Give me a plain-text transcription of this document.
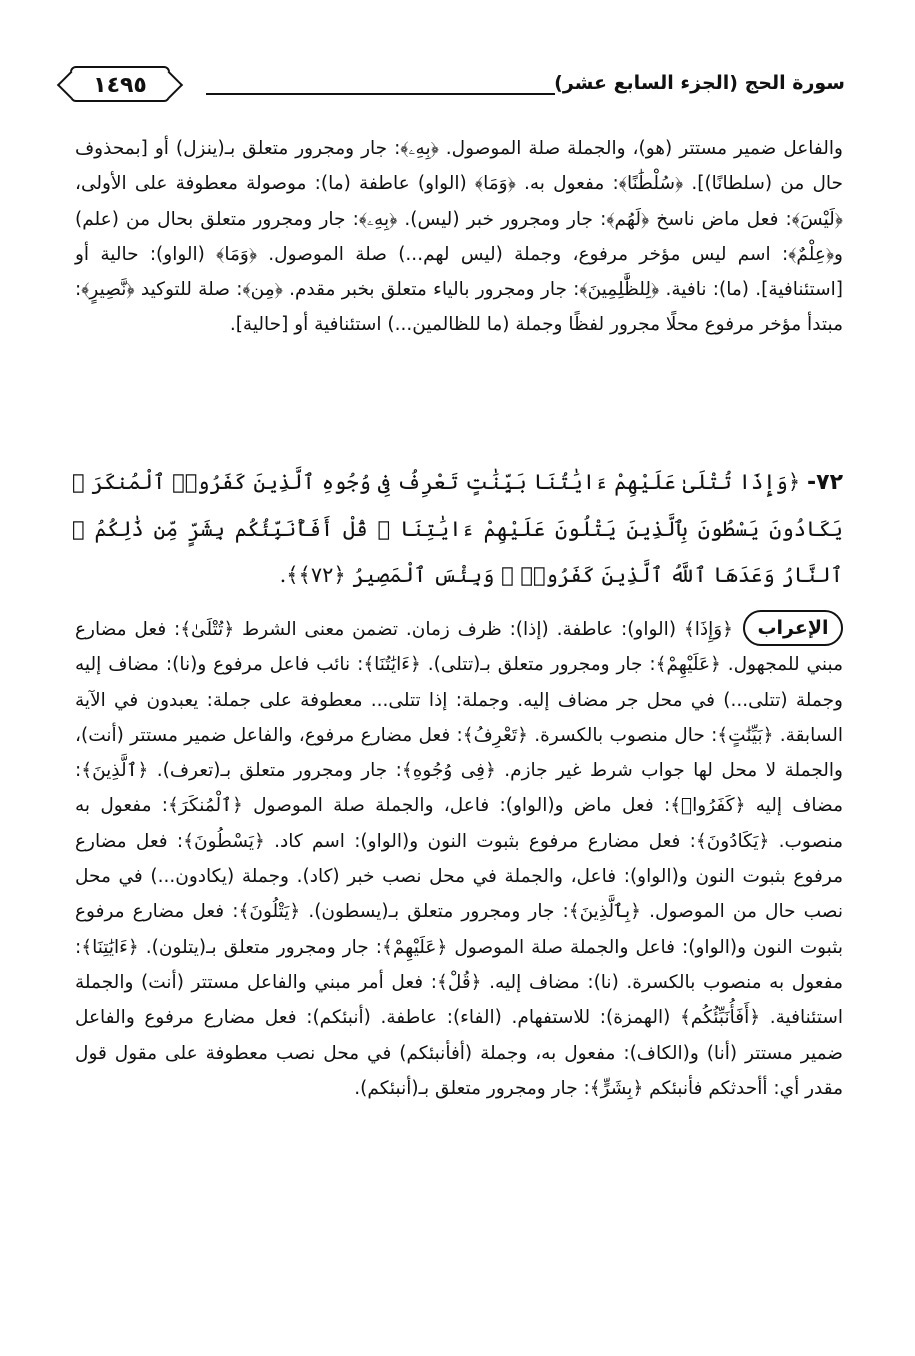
سورة الحج (الجزء السابع عشر)
١٤٩٥
والفاعل ضمير مستتر (هو)، والجملة صلة الموصول. ﴿بِهِۦ﴾: جار ومجرور متعلق بـ(ينزل) أو [بمحذوف حال من (سلطانًا)]. ﴿سُلْطَٰنًا﴾: مفعول به. ﴿وَمَا﴾ (الواو) عاطفة (ما): موصولة معطوفة على الأولى، ﴿لَيْسَ﴾: فعل ماض ناسخ ﴿لَهُم﴾: جار ومجرور خبر (ليس). ﴿بِهِۦ﴾: جار ومجرور متعلق بحال من (علم) و﴿عِلْمٌ﴾: اسم ليس مؤخر مرفوع، وجملة (ليس لهم...) صلة الموصول. ﴿وَمَا﴾ (الواو): حالية أو [استئنافية]. (ما): نافية. ﴿لِلظَّٰلِمِينَ﴾: جار ومجرور بالياء متعلق بخبر مقدم. ﴿مِن﴾: صلة للتوكيد ﴿نَّصِيرٍ﴾: مبتدأ مؤخر مرفوع محلًا مجرور لفظًا وجملة (ما للظالمين...) استئنافية أو [حالية].
٧٢- ﴿وَإِذَا تُتْلَىٰ عَلَيْهِمْ ءَايَٰتُنَا بَيِّنَٰتٍ تَعْرِفُ فِى وُجُوهِ ٱلَّذِينَ كَفَرُوا۟ ٱلْمُنكَرَ ۖ يَكَادُونَ يَسْطُونَ بِٱلَّذِينَ يَتْلُونَ عَلَيْهِمْ ءَايَٰتِنَا ۗ قُلْ أَفَأُنَبِّئُكُم بِشَرٍّ مِّن ذَٰلِكُمُ ۗ ٱلنَّارُ وَعَدَهَا ٱللَّهُ ٱلَّذِينَ كَفَرُوا۟ ۖ وَبِئْسَ ٱلْمَصِيرُ ﴿٧٢﴾﴾.
الإعراب
﴿وَإِذَا﴾ (الواو): عاطفة. (إذا): ظرف زمان. تضمن معنى الشرط ﴿تُتْلَىٰ﴾: فعل مضارع مبني للمجهول. ﴿عَلَيْهِمْ﴾: جار ومجرور متعلق بـ(تتلى). ﴿ءَايَٰتُنَا﴾: نائب فاعل مرفوع و(نا): مضاف إليه وجملة (تتلى...) في محل جر مضاف إليه. وجملة: إذا تتلى... معطوفة على جملة: يعبدون في الآية السابقة. ﴿بَيِّنَٰتٍ﴾: حال منصوب بالكسرة. ﴿تَعْرِفُ﴾: فعل مضارع مرفوع، والفاعل ضمير مستتر (أنت)، والجملة لا محل لها جواب شرط غير جازم. ﴿فِى وُجُوهِ﴾: جار ومجرور متعلق بـ(تعرف). ﴿ٱلَّذِينَ﴾: مضاف إليه ﴿كَفَرُوا۟﴾: فعل ماض و(الواو): فاعل، والجملة صلة الموصول ﴿ٱلْمُنكَرَ﴾: مفعول به منصوب. ﴿يَكَادُونَ﴾: فعل مضارع مرفوع بثبوت النون و(الواو): اسم كاد. ﴿يَسْطُونَ﴾: فعل مضارع مرفوع بثبوت النون و(الواو): فاعل، والجملة في محل نصب خبر (كاد). وجملة (يكادون...) في محل نصب حال من الموصول. ﴿بِٱلَّذِينَ﴾: جار ومجرور متعلق بـ(يسطون). ﴿يَتْلُونَ﴾: فعل مضارع مرفوع بثبوت النون و(الواو): فاعل والجملة صلة الموصول ﴿عَلَيْهِمْ﴾: جار ومجرور متعلق بـ(يتلون). ﴿ءَايَٰتِنَا﴾: مفعول به منصوب بالكسرة. (نا): مضاف إليه. ﴿قُلْ﴾: فعل أمر مبني والفاعل مستتر (أنت) والجملة استئنافية. ﴿أَفَأُنَبِّئُكُم﴾ (الهمزة): للاستفهام. (الفاء): عاطفة. (أنبئكم): فعل مضارع مرفوع والفاعل ضمير مستتر (أنا) و(الكاف): مفعول به، وجملة (أفأنبئكم) في محل نصب معطوفة على مقول قول مقدر أي: أأحدثكم فأنبئكم ﴿بِشَرٍّ﴾: جار ومجرور متعلق بـ(أنبئكم).
